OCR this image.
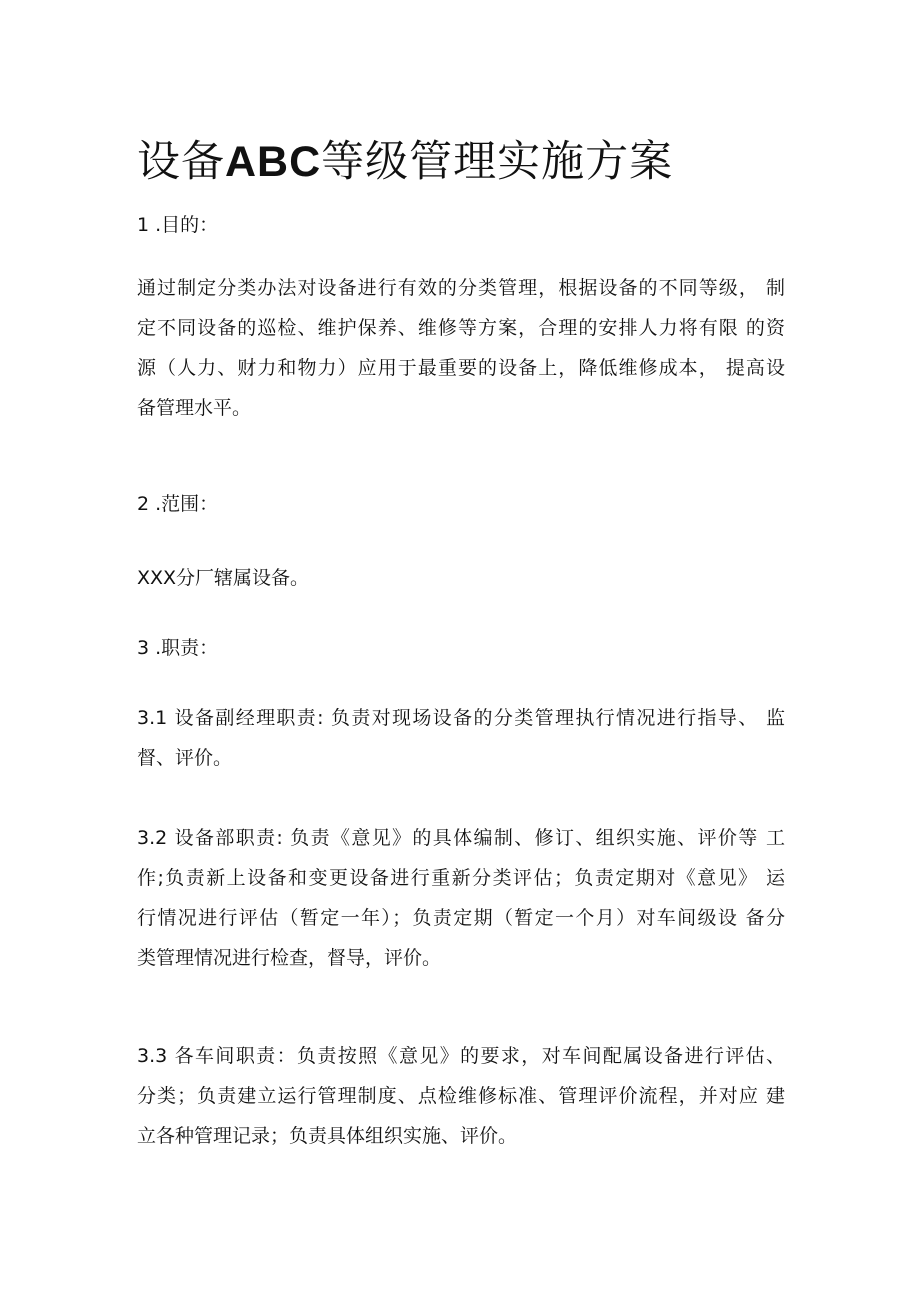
设备ABC等级管理实施方案

1 .目的：

通过制定分类办法对设备进行有效的分类管理，根据设备的不同等级， 制
定不同设备的巡检、维护保养、维修等方案，合理的安排人力将有限 的资
源（人力、财力和物力）应用于最重要的设备上，降低维修成本， 提高设
备管理水平。

2 .范围：

XXX分厂辖属设备。

3 .职责：

3.1 设备副经理职责: 负责对现场设备的分类管理执行情况进行指导、 监
督、评价。

3.2 设备部职责: 负责《意见》的具体编制、修订、组织实施、评价等 工
作;负责新上设备和变更设备进行重新分类评估；负责定期对《意见》 运
行情况进行评估（暂定一年）；负责定期（暂定一个月）对车间级设 备分
类管理情况进行检查，督导，评价。

3.3 各车间职责：负责按照《意见》的要求，对车间配属设备进行评估、
分类；负责建立运行管理制度、点检维修标准、管理评价流程，并对应 建
立各种管理记录；负责具体组织实施、评价。
